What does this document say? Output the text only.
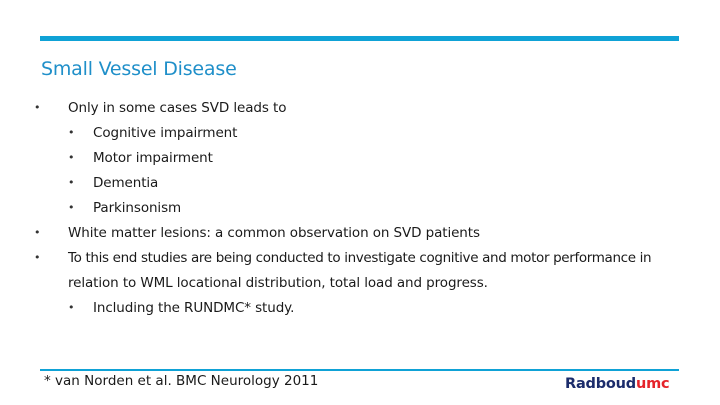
Small Vessel Disease
• Only in some cases SVD leads to
• Cognitive impairment
• Motor impairment
• Dementia
• Parkinsonism
• White matter lesions: a common observation on SVD patients
• To this end studies are being conducted to investigate cognitive and motor performance in
relation to WML locational distribution, total load and progress.
• Including the RUNDMC* study.
* van Norden et al. BMC Neurology 2011	Radboudumc
